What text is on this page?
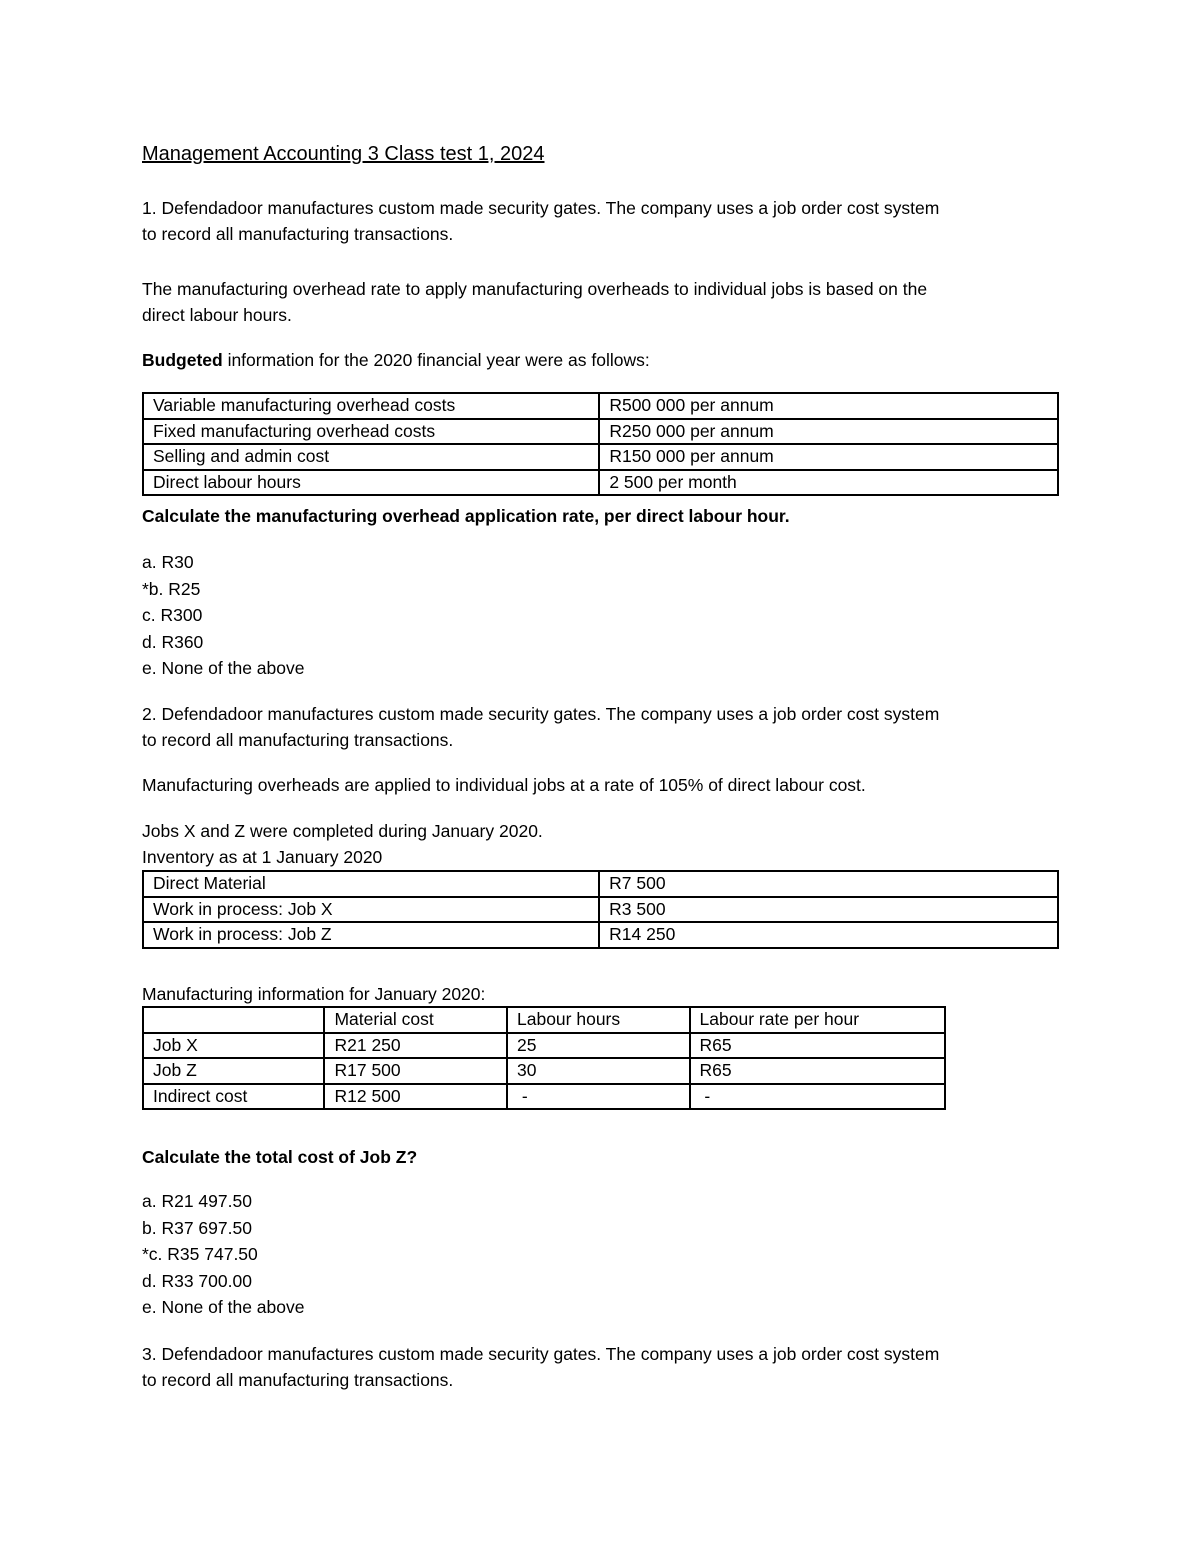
Management Accounting 3 Class test 1, 2024

1. Defendadoor manufactures custom made security gates. The company uses a job order cost system
to record all manufacturing transactions.

The manufacturing overhead rate to apply manufacturing overheads to individual jobs is based on the
direct labour hours.

Budgeted information for the 2020 financial year were as follows:

Variable manufacturing overhead costs	R500 000 per annum
Fixed manufacturing overhead costs	R250 000 per annum
Selling and admin cost	R150 000 per annum
Direct labour hours	2 500 per month

Calculate the manufacturing overhead application rate, per direct labour hour.

a. R30
*b. R25
c. R300
d. R360
e. None of the above

2. Defendadoor manufactures custom made security gates. The company uses a job order cost system
to record all manufacturing transactions.

Manufacturing overheads are applied to individual jobs at a rate of 105% of direct labour cost.

Jobs X and Z were completed during January 2020.
Inventory as at 1 January 2020

Direct Material	R7 500
Work in process: Job X	R3 500
Work in process: Job Z	R14 250

Manufacturing information for January 2020:

	Material cost	Labour hours	Labour rate per hour
Job X	R21 250	25	R65
Job Z	R17 500	30	R65
Indirect cost	R12 500	-	-

Calculate the total cost of Job Z?

a. R21 497.50
b. R37 697.50
*c. R35 747.50
d. R33 700.00
e. None of the above

3. Defendadoor manufactures custom made security gates. The company uses a job order cost system
to record all manufacturing transactions.
